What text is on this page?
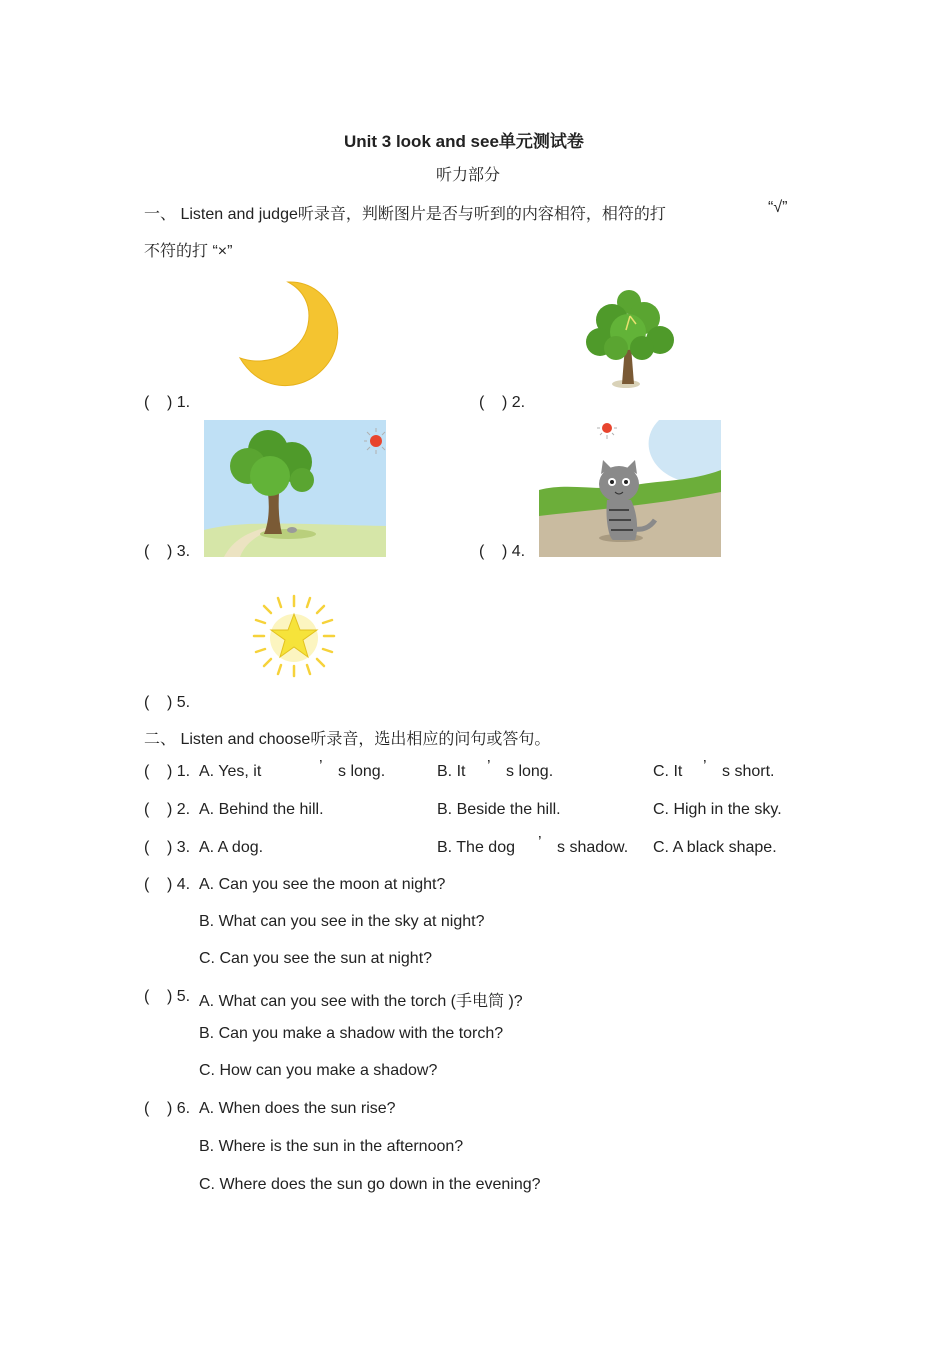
Unit 3 look and see单元测试卷
听力部分
一、 Listen and judge听录音，判断图片是否与听到的内容相符，相符的打	“√”
不符的打 “×”
( ) 1.	( ) 2.
( ) 3.	( ) 4.
( ) 5.
二、 Listen and choose听录音，选出相应的问句或答句。
( ) 1. A. Yes, it	’ s long.	B. It ’ s long.	C. It ’ s short.
( ) 2. A. Behind the hill.	B. Beside the hill.	C. High in the sky.
( ) 3. A. A dog.	B. The dog ’ s shadow. C. A black shape.
( ) 4. A. Can you see the moon at night?
B. What can you see in the sky at night?
C. Can you see the sun at night?
( ) 5. A. What can you see with the torch (手电筒 )?
B. Can you make a shadow with the torch?
C. How can you make a shadow?
( ) 6. A. When does the sun rise?
B. Where is the sun in the afternoon?
C. Where does the sun go down in the evening?
